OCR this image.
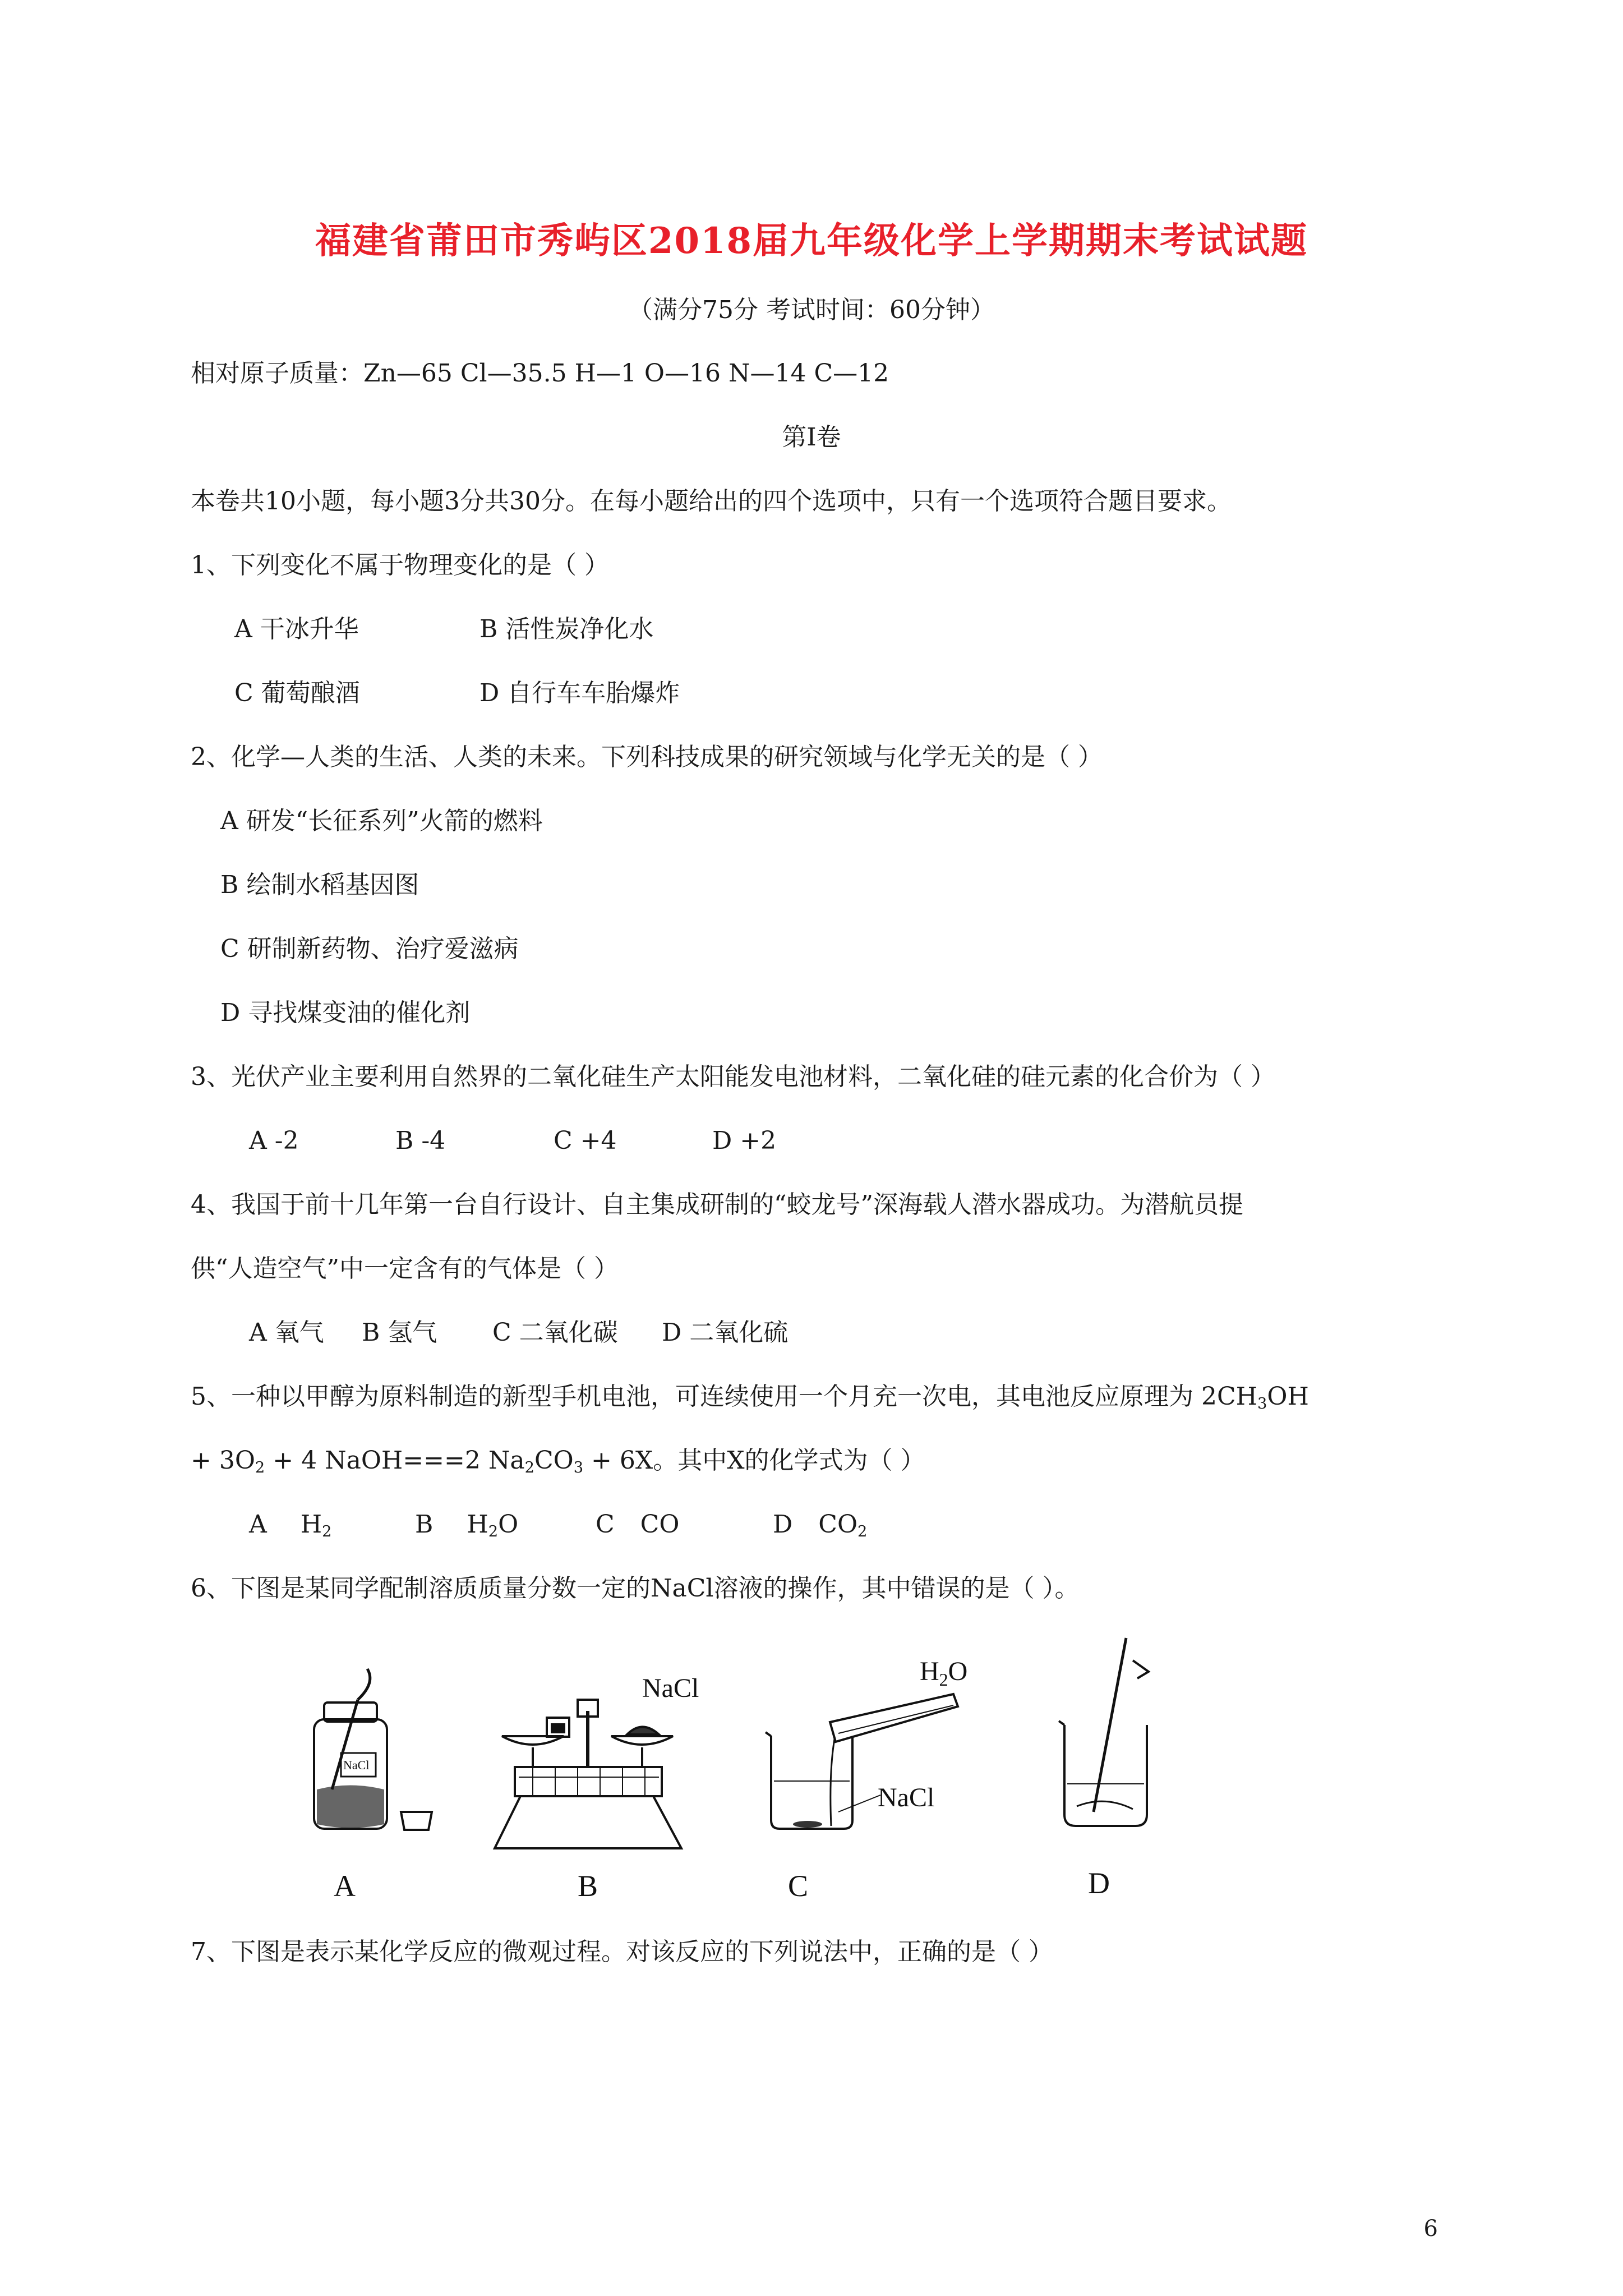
福建省莆田市秀屿区2018届九年级化学上学期期末考试试题
（满分75分 考试时间：60分钟）
相对原子质量：Zn—65 Cl—35.5 H—1 O—16 N—14 C—12
第I卷
本卷共10小题，每小题3分共30分。在每小题给出的四个选项中，只有一个选项符合题目要求。
1、下列变化不属于物理变化的是（ ）
A 干冰升华	B 活性炭净化水
C 葡萄酿酒	D 自行车车胎爆炸
2、化学—人类的生活、人类的未来。下列科技成果的研究领域与化学无关的是（ ）
A 研发“长征系列”火箭的燃料
B 绘制水稻基因图
C 研制新药物、治疗爱滋病
D 寻找煤变油的催化剂
3、光伏产业主要利用自然界的二氧化硅生产太阳能发电池材料，二氧化硅的硅元素的化合价为（ ）
A -2	B -4	C +4	D +2
4、我国于前十几年第一台自行设计、自主集成研制的“蛟龙号”深海载人潜水器成功。为潜航员提
供“人造空气”中一定含有的气体是（ ）
A 氧气 B 氢气 C 二氧化碳 D 二氧化硫
5、一种以甲醇为原料制造的新型手机电池，可连续使用一个月充一次电，其电池反应原理为 $2CH_3OH$
+ $3O_2 + 4$ NaOH===2 $Na_2CO_3 + 6X$。其中X的化学式为（ ）
A $H_2$	B $H_2O$	C CO	D $CO_2$
6、下图是某同学配制溶质质量分数一定的NaCl溶液的操作，其中错误的是（ ）。
NaCl
A
NaCl
B
$H_2O$
NaCl
C	D
7、下图是表示某化学反应的微观过程。对该反应的下列说法中，正确的是（ ）
6
